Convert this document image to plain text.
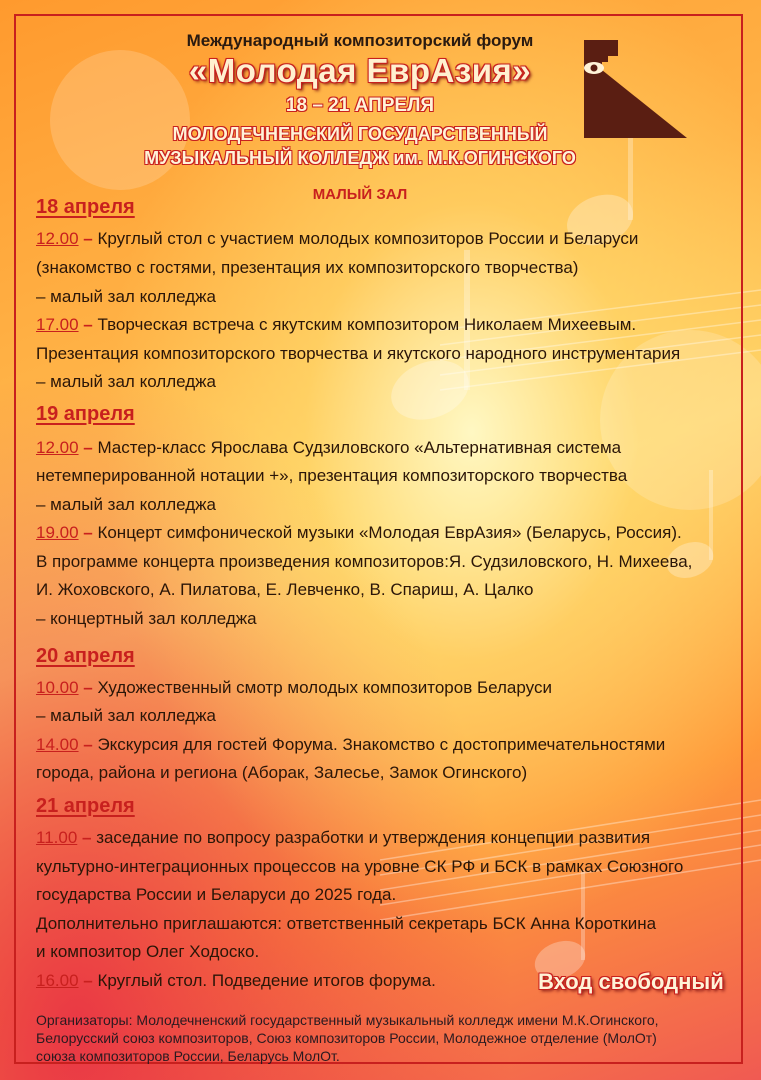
Международный композиторский форум
«Молодая ЕврАзия»
18 – 21 АПРЕЛЯ
МОЛОДЕЧНЕНСКИЙ ГОСУДАРСТВЕННЫЙ
МУЗЫКАЛЬНЫЙ КОЛЛЕДЖ им. М.К.ОГИНСКОГО
МАЛЫЙ ЗАЛ
18 апреля
12.00 – Круглый стол с участием молодых композиторов России и Беларуси
(знакомство с гостями, презентация их композиторского творчества)
– малый зал колледжа
17.00 – Творческая встреча с якутским композитором Николаем Михеевым.
Презентация композиторского творчества и якутского народного инструментария
– малый зал колледжа
19 апреля
12.00 – Мастер-класс Ярослава Судзиловского «Альтернативная система
нетемперированной нотации +», презентация композиторского творчества
– малый зал колледжа
19.00 – Концерт симфонической музыки «Молодая ЕврАзия» (Беларусь, Россия).
В программе концерта произведения композиторов:Я. Судзиловского, Н. Михеева,
И. Жоховского, А. Пилатова, Е. Левченко, В. Спариш, А. Цалко
– концертный зал колледжа
20 апреля
10.00 – Художественный смотр молодых композиторов Беларуси
– малый зал колледжа
14.00 – Экскурсия для гостей Форума. Знакомство с достопримечательностями
города, района и региона (Аборак, Залесье, Замок Огинского)
21 апреля
11.00 – заседание по вопросу разработки и утверждения концепции развития
культурно-интеграционных процессов на уровне СК РФ и БСК в рамках Союзного
государства России и Беларуси до 2025 года.
Дополнительно приглашаются: ответственный секретарь БСК Анна Короткина
и композитор Олег Ходоско.
16.00 – Круглый стол. Подведение итогов форума.	Вход свободный
Организаторы: Молодечненский государственный музыкальный колледж имени М.К.Огинского,
Белорусский союз композиторов, Союз композиторов России, Молодежное отделение (МолОт)
союза композиторов России, Беларусь МолОт.
